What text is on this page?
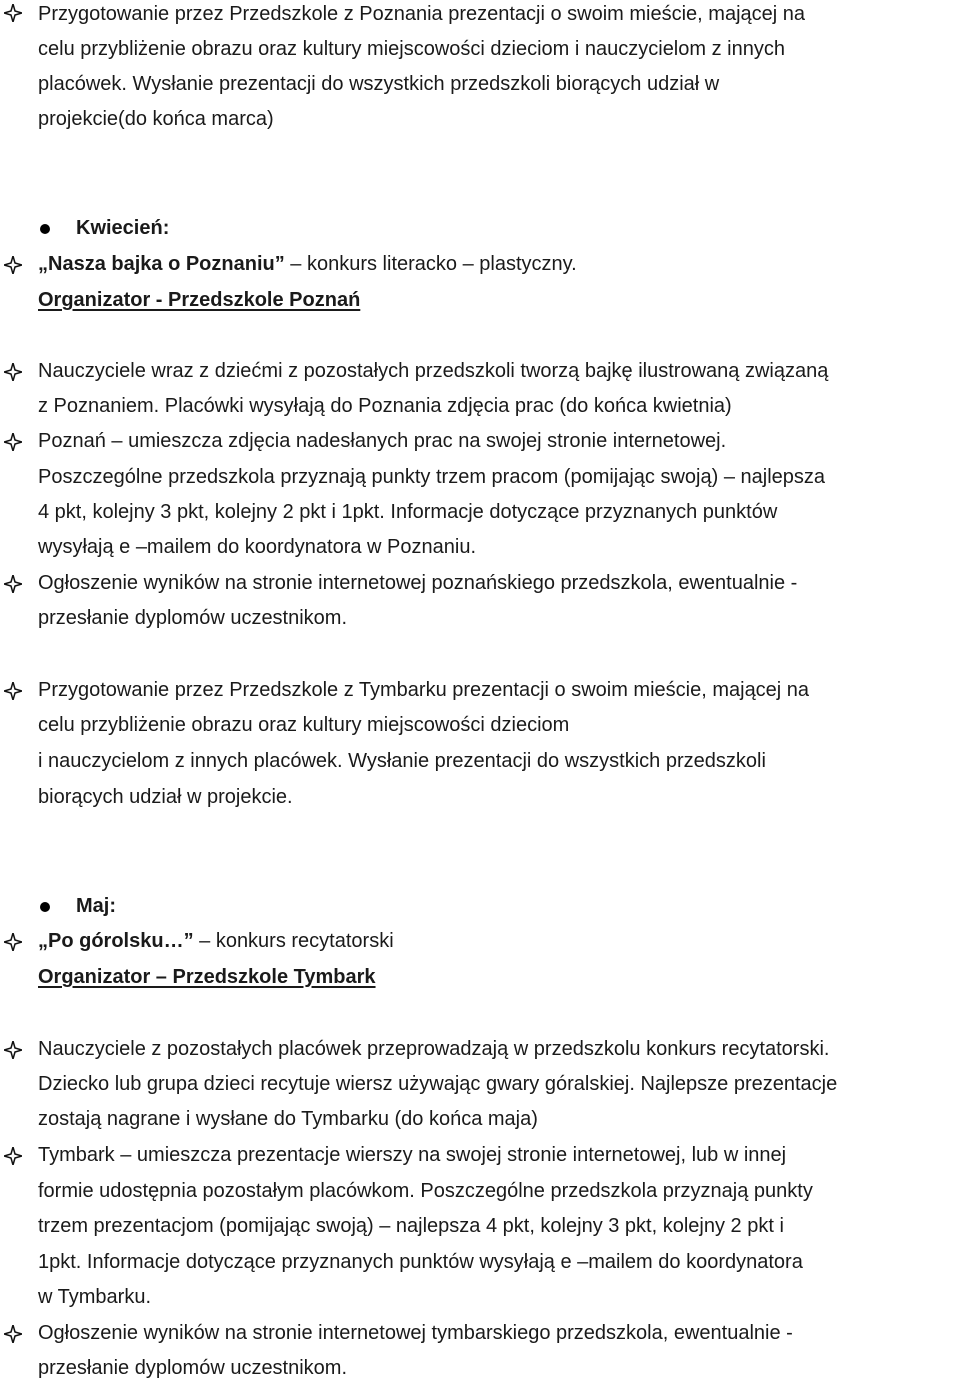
Przygotowanie przez Przedszkole z Poznania prezentacji o swoim mieście, mającej na
celu przybliżenie obrazu oraz kultury miejscowości dzieciom i nauczycielom z innych
placówek. Wysłanie prezentacji do wszystkich przedszkoli biorących udział w
projekcie(do końca marca)
Kwiecień:
„Nasza bajka o Poznaniu” – konkurs literacko – plastyczny.
Organizator - Przedszkole Poznań
Nauczyciele wraz z dziećmi z pozostałych przedszkoli tworzą bajkę ilustrowaną związaną
z Poznaniem. Placówki wysyłają do Poznania zdjęcia prac (do końca kwietnia)
Poznań – umieszcza zdjęcia nadesłanych prac na swojej stronie internetowej.
Poszczególne przedszkola przyznają punkty trzem pracom (pomijając swoją) – najlepsza
4 pkt, kolejny 3 pkt, kolejny 2 pkt i 1pkt. Informacje dotyczące przyznanych punktów
wysyłają e –mailem do koordynatora w Poznaniu.
Ogłoszenie wyników na stronie internetowej poznańskiego przedszkola, ewentualnie -
przesłanie dyplomów uczestnikom.
Przygotowanie przez Przedszkole z Tymbarku prezentacji o swoim mieście, mającej na
celu przybliżenie obrazu oraz kultury miejscowości dzieciom
i nauczycielom z innych placówek. Wysłanie prezentacji do wszystkich przedszkoli
biorących udział w projekcie.
Maj:
„Po górolsku…” – konkurs recytatorski
Organizator – Przedszkole Tymbark
Nauczyciele z pozostałych placówek przeprowadzają w przedszkolu konkurs recytatorski.
Dziecko lub grupa dzieci recytuje wiersz używając gwary góralskiej. Najlepsze prezentacje
zostają nagrane i wysłane do Tymbarku (do końca maja)
Tymbark – umieszcza prezentacje wierszy na swojej stronie internetowej, lub w innej
formie udostępnia pozostałym placówkom. Poszczególne przedszkola przyznają punkty
trzem prezentacjom (pomijając swoją) – najlepsza 4 pkt, kolejny 3 pkt, kolejny 2 pkt i
1pkt. Informacje dotyczące przyznanych punktów wysyłają e –mailem do koordynatora
w Tymbarku.
Ogłoszenie wyników na stronie internetowej tymbarskiego przedszkola, ewentualnie -
przesłanie dyplomów uczestnikom.
